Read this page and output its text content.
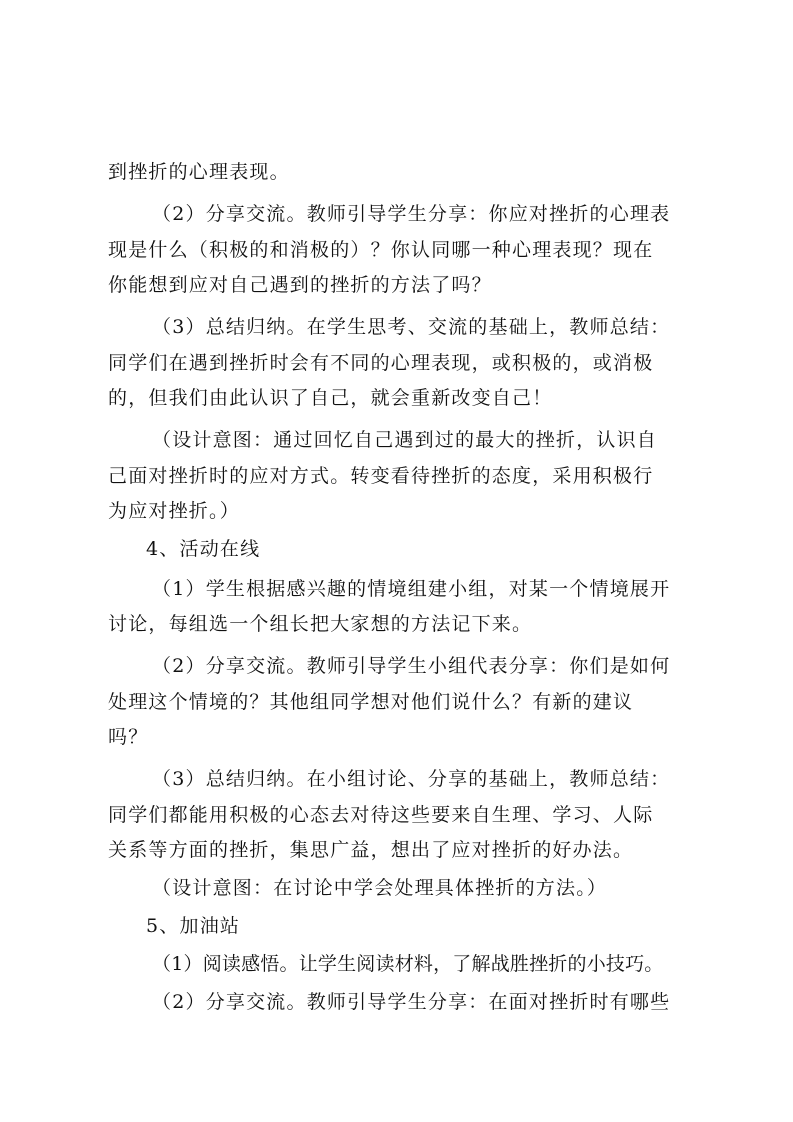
到挫折的心理表现。
（2）分享交流。教师引导学生分享：你应对挫折的心理表
现是什么（积极的和消极的）？你认同哪一种心理表现？现在
你能想到应对自己遇到的挫折的方法了吗？
（3）总结归纳。在学生思考、交流的基础上，教师总结：
同学们在遇到挫折时会有不同的心理表现，或积极的，或消极
的，但我们由此认识了自己，就会重新改变自己！
（设计意图：通过回忆自己遇到过的最大的挫折，认识自
己面对挫折时的应对方式。转变看待挫折的态度，采用积极行
为应对挫折。）
4、活动在线
（1）学生根据感兴趣的情境组建小组，对某一个情境展开
讨论，每组选一个组长把大家想的方法记下来。
（2）分享交流。教师引导学生小组代表分享：你们是如何
处理这个情境的？其他组同学想对他们说什么？有新的建议
吗？
（3）总结归纳。在小组讨论、分享的基础上，教师总结：
同学们都能用积极的心态去对待这些要来自生理、学习、人际
关系等方面的挫折，集思广益，想出了应对挫折的好办法。
（设计意图：在讨论中学会处理具体挫折的方法。）
5、加油站
（1）阅读感悟。让学生阅读材料，了解战胜挫折的小技巧。
（2）分享交流。教师引导学生分享：在面对挫折时有哪些
